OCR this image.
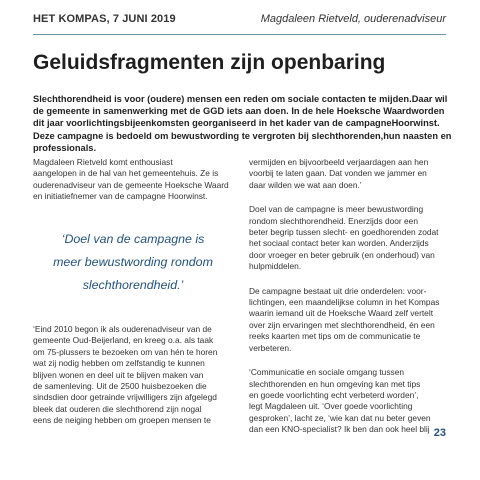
HET KOMPAS, 7 JUNI 2019	Magdaleen Rietveld, ouderenadviseur
Geluidsfragmenten zijn openbaring

Slechthorendheid is voor (oudere) mensen een reden om sociale contacten te mijden.Daar wil de gemeente in samenwerking met de GGD iets aan doen. In de hele Hoeksche Waardworden dit jaar voorlichtingsbijeenkomsten georganiseerd in het kader van de campagneHoorwinst. Deze campagne is bedoeld om bewustwording te vergroten bij slechthorenden,hun naasten en professionals.

Magdaleen Rietveld komt enthousiast
aangelopen in de hal van het gemeentehuis. Ze is
ouderenadviseur van de gemeente Hoeksche Waard
en initiatiefnemer van de campagne Hoorwinst.

‘Doel van de campagne is
meer bewustwording rondom
slechthorendheid.’

‘Eind 2010 begon ik als ouderenadviseur van de
gemeente Oud-Beijerland, en kreeg o.a. als taak
om 75-plussers te bezoeken om van hén te horen
wat zij nodig hebben om zelfstandig te kunnen
blijven wonen en deel uit te blijven maken van
de samenleving. Uit de 2500 huisbezoeken die
sindsdien door getrainde vrijwilligers zijn afgelegd
bleek dat ouderen die slechthorend zijn nogal
eens de neiging hebben om groepen mensen te

vermijden en bijvoorbeeld verjaardagen aan hen
voorbij te laten gaan. Dat vonden we jammer en
daar wilden we wat aan doen.’

Doel van de campagne is meer bewustwording
rondom slechthorendheid. Enerzijds door een
beter begrip tussen slecht- en goedhorenden zodat
het sociaal contact beter kan worden. Anderzijds
door vroeger en beter gebruik (en onderhoud) van
hulpmiddelen.

De campagne bestaat uit drie onderdelen: voor-
lichtingen, een maandelijkse column in het Kompas
waarin iemand uit de Hoeksche Waard zelf vertelt
over zijn ervaringen met slechthorendheid, én een
reeks kaarten met tips om de communicatie te
verbeteren.

‘Communicatie en sociale omgang tussen
slechthorenden en hun omgeving kan met tips
en goede voorlichting echt verbeterd worden’,
legt Magdaleen uit. ‘Over goede voorlichting
gesproken’, lacht ze, ‘wie kan dat nu beter geven
dan een KNO-specialist? Ik ben dan ook heel blij 23
